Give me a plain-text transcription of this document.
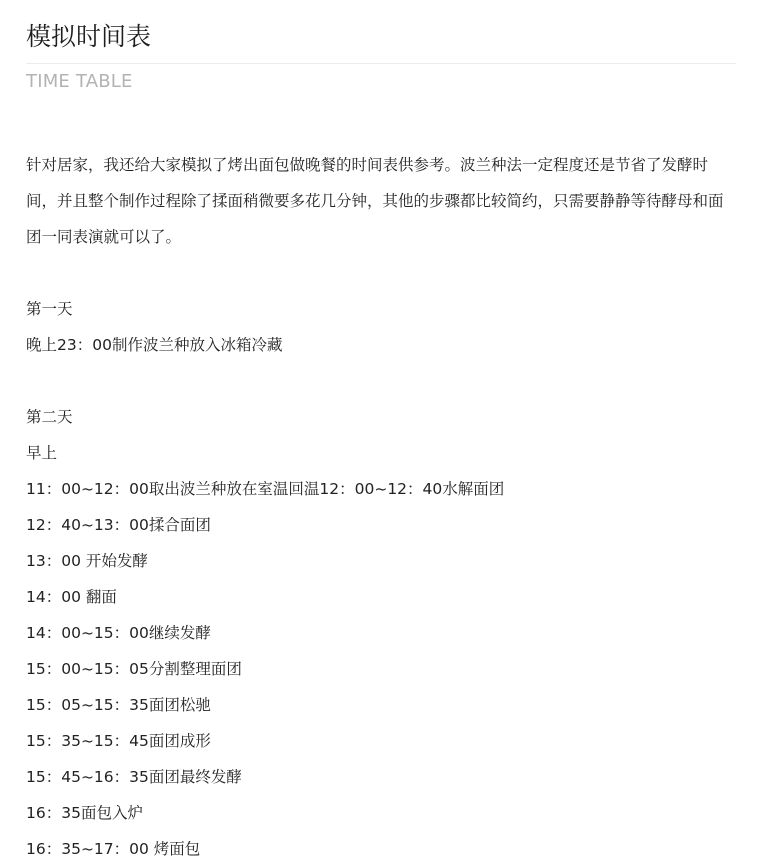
模拟时间表
TIME TABLE

针对居家，我还给大家模拟了烤出面包做晚餐的时间表供参考。波兰种法一定程度还是节省了发酵时间，并且整个制作过程除了揉面稍微要多花几分钟，其他的步骤都比较简约，只需要静静等待酵母和面团一同表演就可以了。

第一天
晚上23：00制作波兰种放入冰箱冷藏
第二天
早上
11：00~12：00取出波兰种放在室温回温12：00~12：40水解面团
12：40~13：00揉合面团
13：00 开始发酵
14：00 翻面
14：00~15：00继续发酵
15：00~15：05分割整理面团
15：05~15：35面团松驰
15：35~15：45面团成形
15：45~16：35面团最终发酵
16：35面包入炉
16：35~17：00 烤面包
